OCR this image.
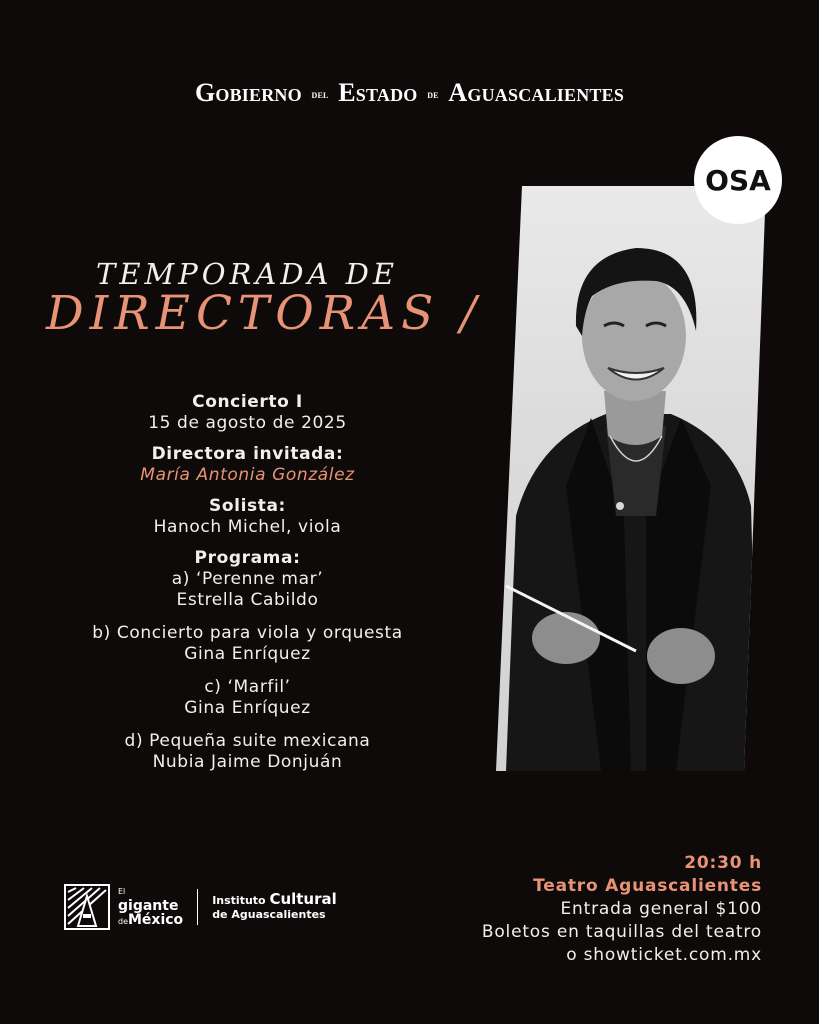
Gobierno del Estado de Aguascalientes
OSA
TEMPORADA DE
DIRECTORAS /
Concierto I
15 de agosto de 2025
Directora invitada:
María Antonia González
Solista:
Hanoch Michel, viola
Programa:
a) ‘Perenne mar’
Estrella Cabildo
b) Concierto para viola y orquesta
Gina Enríquez
c) ‘Marfil’
Gina Enríquez
d) Pequeña suite mexicana
Nubia Jaime Donjuán
El
gigante
deMéxico
Instituto Cultural
de Aguascalientes
20:30 h
Teatro Aguascalientes
Entrada general $100
Boletos en taquillas del teatro
o showticket.com.mx
